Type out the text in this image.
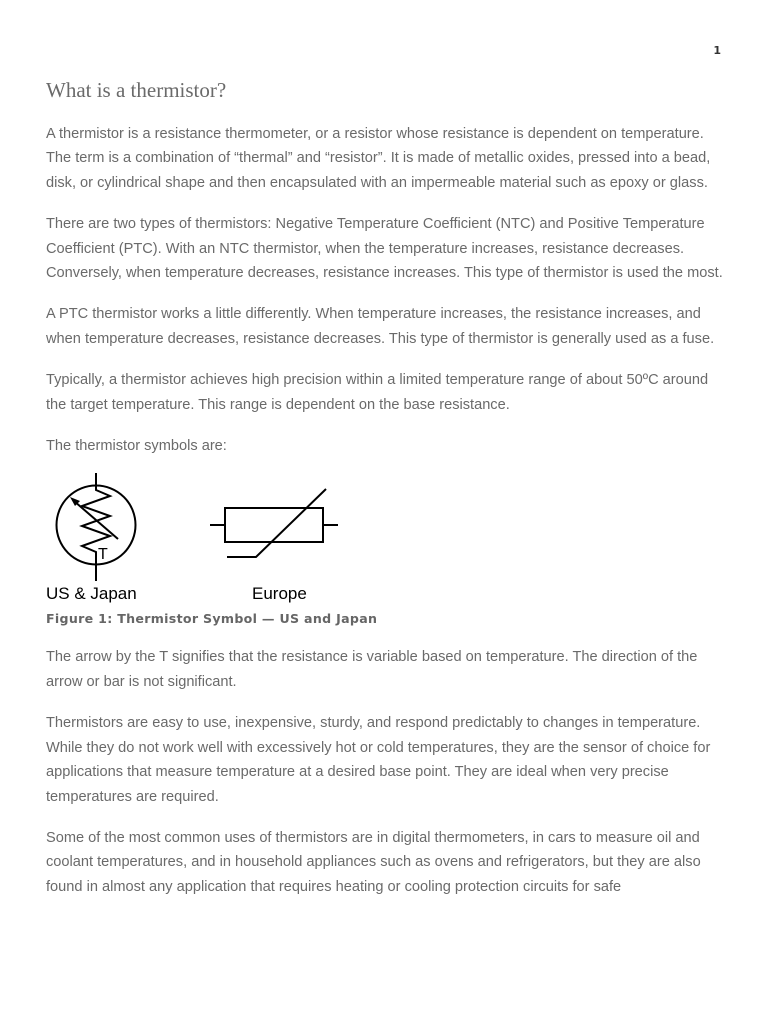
1
What is a thermistor?

A thermistor is a resistance thermometer, or a resistor whose resistance is dependent on temperature. The term is a combination of “thermal” and “resistor”. It is made of metallic oxides, pressed into a bead, disk, or cylindrical shape and then encapsulated with an impermeable material such as epoxy or glass.

There are two types of thermistors: Negative Temperature Coefficient (NTC) and Positive Temperature Coefficient (PTC). With an NTC thermistor, when the temperature increases, resistance decreases. Conversely, when temperature decreases, resistance increases. This type of thermistor is used the most.

A PTC thermistor works a little differently. When temperature increases, the resistance increases, and when temperature decreases, resistance decreases. This type of thermistor is generally used as a fuse.

Typically, a thermistor achieves high precision within a limited temperature range of about 50ºC around the target temperature. This range is dependent on the base resistance.

The thermistor symbols are:

T
US & Japan	Europe
Figure 1: Thermistor Symbol — US and Japan

The arrow by the T signifies that the resistance is variable based on temperature. The direction of the arrow or bar is not significant.

Thermistors are easy to use, inexpensive, sturdy, and respond predictably to changes in temperature. While they do not work well with excessively hot or cold temperatures, they are the sensor of choice for applications that measure temperature at a desired base point. They are ideal when very precise temperatures are required.

Some of the most common uses of thermistors are in digital thermometers, in cars to measure oil and coolant temperatures, and in household appliances such as ovens and refrigerators, but they are also found in almost any application that requires heating or cooling protection circuits for safe
